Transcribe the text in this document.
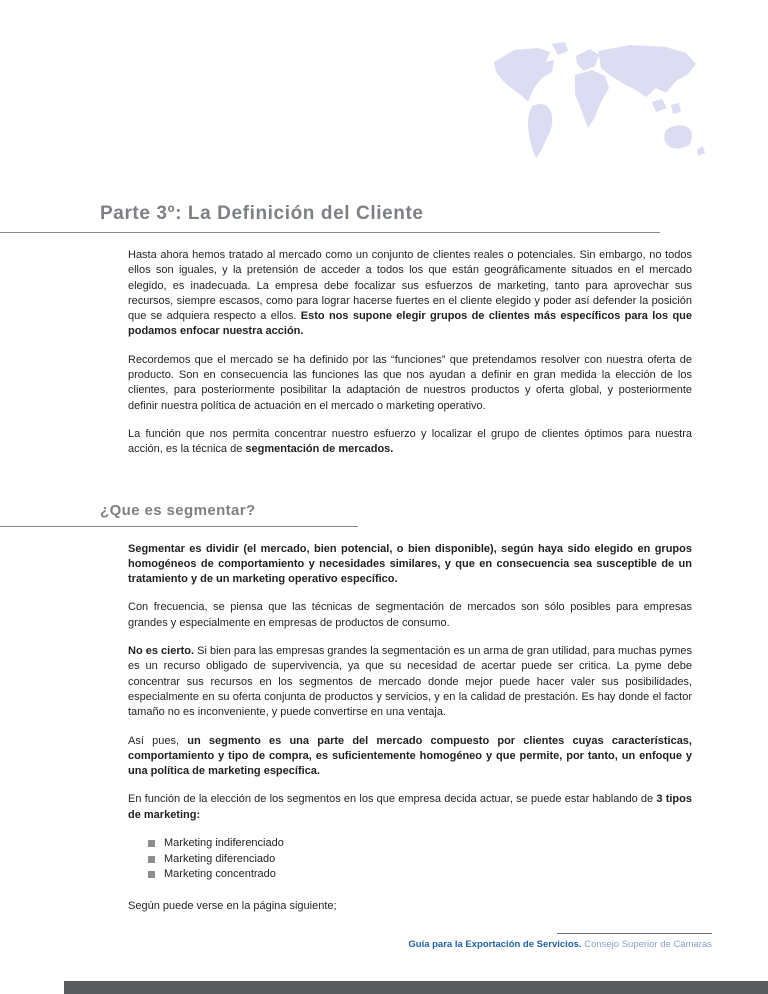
Parte 3º: La Definición del Cliente

Hasta ahora hemos tratado al mercado como un conjunto de clientes reales o potenciales. Sin embargo, no todos ellos son iguales, y la pretensión de acceder a todos los que están geográficamente situados en el mercado elegido, es inadecuada. La empresa debe focalizar sus esfuerzos de marketing, tanto para aprovechar sus recursos, siempre escasos, como para lograr hacerse fuertes en el cliente elegido y poder así defender la posición que se adquiera respecto a ellos. Esto nos supone elegir grupos de clientes más específicos para los que podamos enfocar nuestra acción.

Recordemos que el mercado se ha definido por las “funciones” que pretendamos resolver con nuestra oferta de producto. Son en consecuencia las funciones las que nos ayudan a definir en gran medida la elección de los clientes, para posteriormente posibilitar la adaptación de nuestros productos y oferta global, y posteriormente definir nuestra política de actuación en el mercado o marketing operativo.

La función que nos permita concentrar nuestro esfuerzo y localizar el grupo de clientes óptimos para nuestra acción, es la técnica de segmentación de mercados.

¿Que es segmentar?

Segmentar es dividir (el mercado, bien potencial, o bien disponible), según haya sido elegido en grupos homogéneos de comportamiento y necesidades similares, y que en consecuencia sea susceptible de un tratamiento y de un marketing operativo específico.

Con frecuencia, se piensa que las técnicas de segmentación de mercados son sólo posibles para empresas grandes y especialmente en empresas de productos de consumo.

No es cierto. Si bien para las empresas grandes la segmentación es un arma de gran utilidad, para muchas pymes es un recurso obligado de supervivencia, ya que su necesidad de acertar puede ser critica. La pyme debe concentrar sus recursos en los segmentos de mercado donde mejor puede hacer valer sus posibilidades, especialmente en su oferta conjunta de productos y servicios, y en la calidad de prestación. Es hay donde el factor tamaño no es inconveniente, y puede convertirse en una ventaja.

Así pues, un segmento es una parte del mercado compuesto por clientes cuyas características, comportamiento y tipo de compra, es suficientemente homogéneo y que permite, por tanto, un enfoque y una política de marketing específica.

En función de la elección de los segmentos en los que empresa decida actuar, se puede estar hablando de 3 tipos de marketing:

Marketing indiferenciado
Marketing diferenciado
Marketing concentrado

Según puede verse en la página siguiente;

Guía para la Exportación de Servicios. Consejo Superior de Cámaras
